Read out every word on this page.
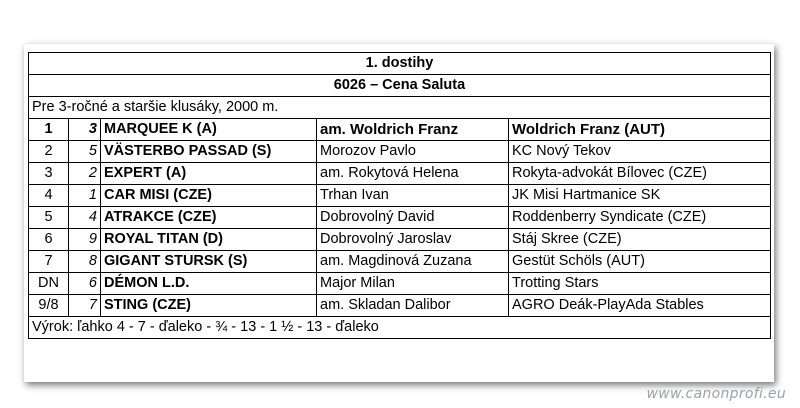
1. dostihy				
6026 – Cena Saluta				
Pre 3-ročné a staršie klusáky, 2000 m.				
1	3	MARQUEE K (A)	am. Woldrich Franz	Woldrich Franz (AUT)
2	5	VÄSTERBO PASSAD (S)	Morozov Pavlo	KC Nový Tekov
3	2	EXPERT (A)	am. Rokytová Helena	Rokyta-advokát Bílovec (CZE)
4	1	CAR MISI (CZE)	Trhan Ivan	JK Misi Hartmanice SK
5	4	ATRAKCE (CZE)	Dobrovolný David	Roddenberry Syndicate (CZE)
6	9	ROYAL TITAN (D)	Dobrovolný Jaroslav	Stáj Skree (CZE)
7	8	GIGANT STURSK (S)	am. Magdinová Zuzana	Gestüt Schöls (AUT)
DN	6	DÉMON L.D.	Major Milan	Trotting Stars
9/8	7	STING (CZE)	am. Skladan Dalibor	AGRO Deák-PlayAda Stables
Výrok: ľahko 4 - 7 - ďaleko - ¾ - 13 - 1 ½ - 13 - ďaleko				
www.canonprofi.eu
